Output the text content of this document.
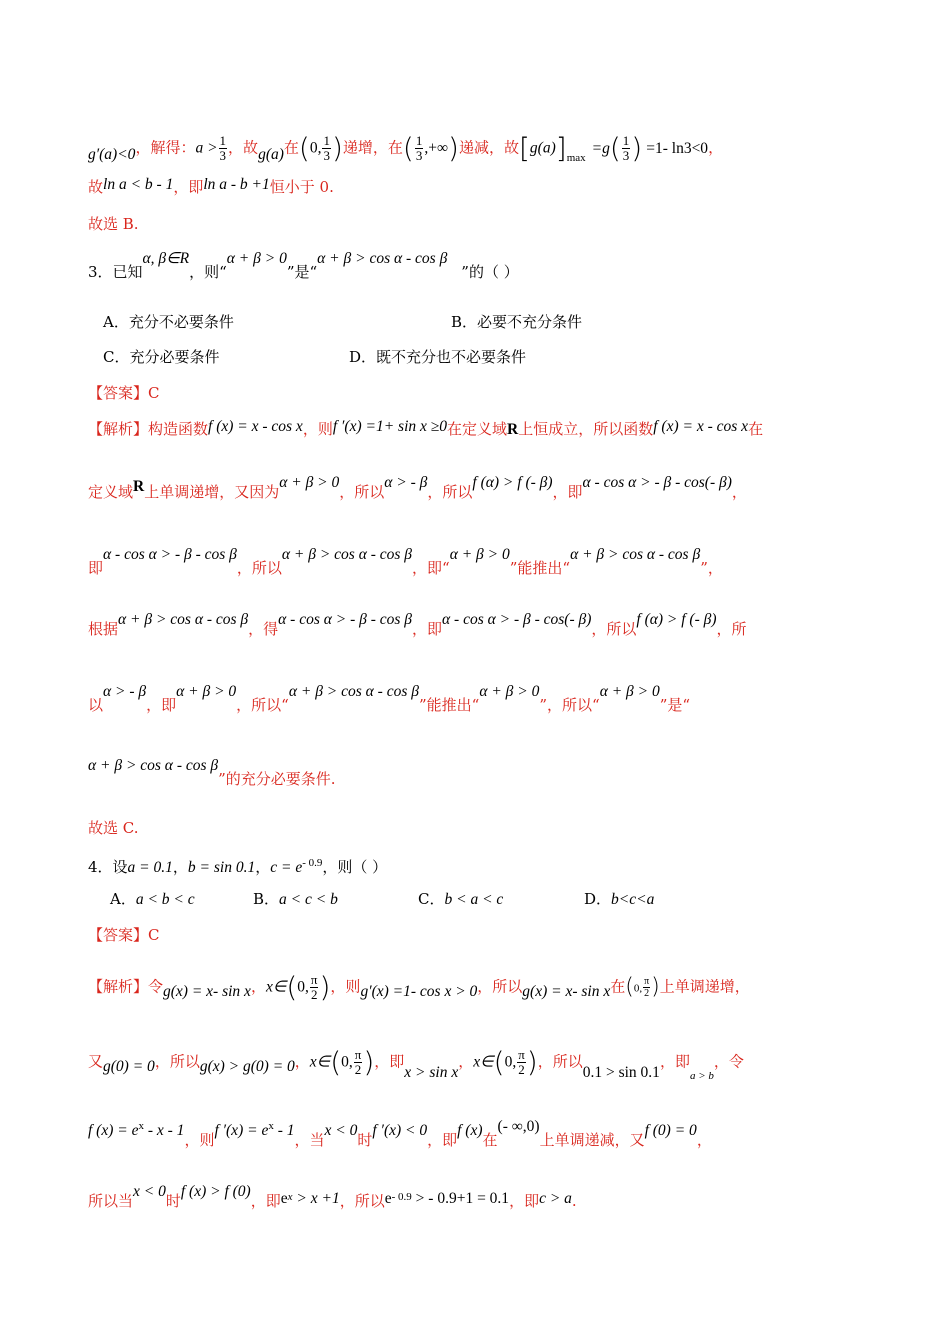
g′(a)<0，解得：$a > \frac{1}{3}$ ，故g(a)在(0, $\frac{1}{3}$ )递增，在( $\frac{1}{3}$ ,+∞)递减，故$[g(a)]_{max}=g( \frac{1}{3}$ ) =1- ln3<0，
故ln a < b - 1，即ln a - b +1恒小于 0.
故选 B.
3．已知α, β∈R，则“α + β > 0”是“α + β > cos α - cos β”的（ ）
A．充分不必要条件	B．必要不充分条件
C．充分必要条件	D．既不充分也不必要条件
【答案】C
【解析】构造函数f (x) = x - cos x，则f ′(x) =1+ sin x ≥0在定义域R上恒成立，所以函数f (x) = x - cos x在
定义域R上单调递增，又因为α + β > 0，所以α > - β，所以f (α) > f (- β)，即α - cos α > - β - cos(- β)，
即α - cos α > - β - cos β，所以α + β > cos α - cos β，即“α + β > 0”能推出“α + β > cos α - cos β”，
根据α + β > cos α - cos β，得α - cos α > - β - cos β，即α - cos α > - β - cos(- β)，所以f (α) > f (- β)，所
以α > - β，即α + β > 0，所以“α + β > cos α - cos β”能推出“α + β > 0”，所以“α + β > 0”是“
α + β > cos α - cos β”的充分必要条件.
故选 C.
4．设a = 0.1，b = sin 0.1，$c = e^{- 0.9}$，则（ ）
A．a < b < c	B．a < c < b	C．b < a < c	D．b<c<a
【答案】C
【解析】令g(x) = x- sin x，x∈(0, $\frac{\pi}{2}$ )，则g′(x) =1- cos x > 0，所以g(x) = x- sin x在(0, $\frac{\pi}{2}$ )上单调递增，
又g(0) = 0，所以g(x) > g(0) = 0，x∈(0, $\frac{\pi}{2}$ )，即x > sin x，x∈(0, $\frac{\pi}{2}$ )，所以0.1 > sin 0.1，即$_{a > b}$，令
f $(x) = e^x - x - 1$，则f $'(x) = e^x - 1$，当x < 0时f ′(x) < 0，即f (x)在(- ∞,0)上单调递减，又f (0) = 0，
所以当x < 0时f (x) > f (0)，即$e^x > x +1$，所以$e^{- 0.9}$ > - 0.9+1 = 0.1，即c > a.
